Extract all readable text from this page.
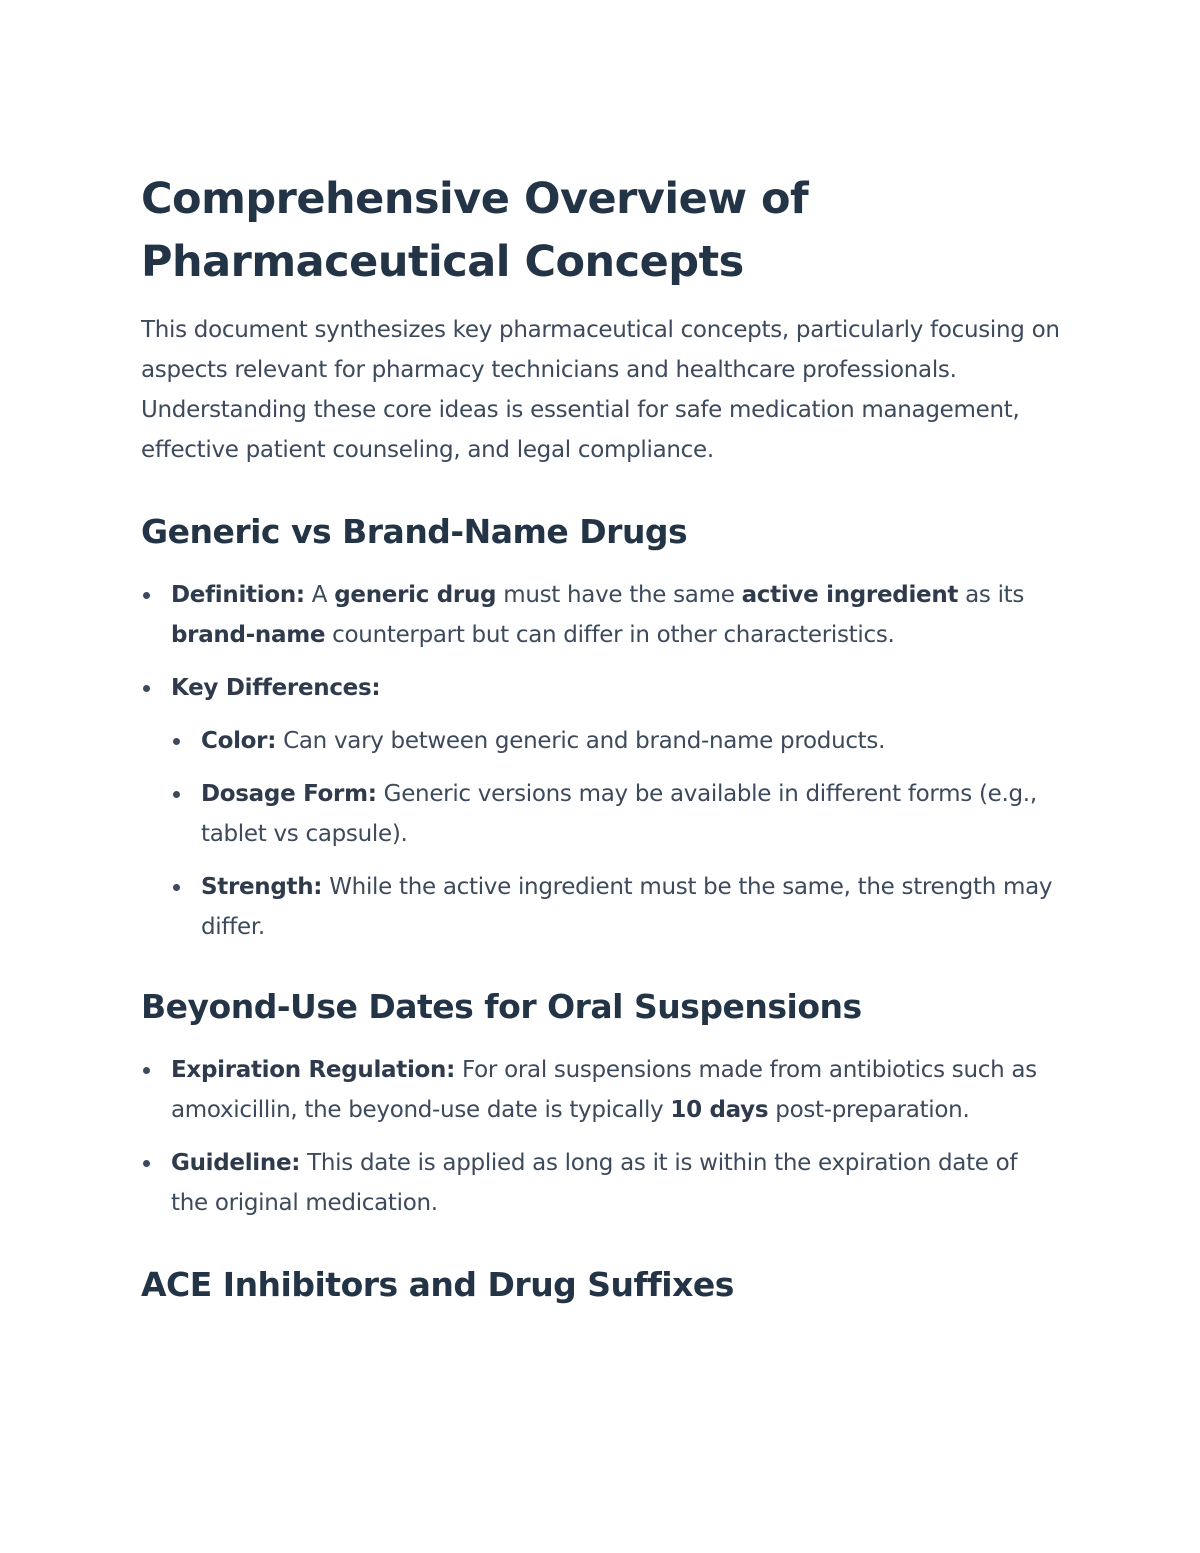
Comprehensive Overview of Pharmaceutical Concepts

This document synthesizes key pharmaceutical concepts, particularly focusing on aspects relevant for pharmacy technicians and healthcare professionals. Understanding these core ideas is essential for safe medication management, effective patient counseling, and legal compliance.

Generic vs Brand-Name Drugs
Definition: A generic drug must have the same active ingredient as its brand-name counterpart but can differ in other characteristics.
Key Differences:
Color: Can vary between generic and brand-name products.
Dosage Form: Generic versions may be available in different forms (e.g., tablet vs capsule).
Strength: While the active ingredient must be the same, the strength may differ.
Beyond-Use Dates for Oral Suspensions
Expiration Regulation: For oral suspensions made from antibiotics such as amoxicillin, the beyond-use date is typically 10 days post-preparation.
Guideline: This date is applied as long as it is within the expiration date of the original medication.
ACE Inhibitors and Drug Suffixes
